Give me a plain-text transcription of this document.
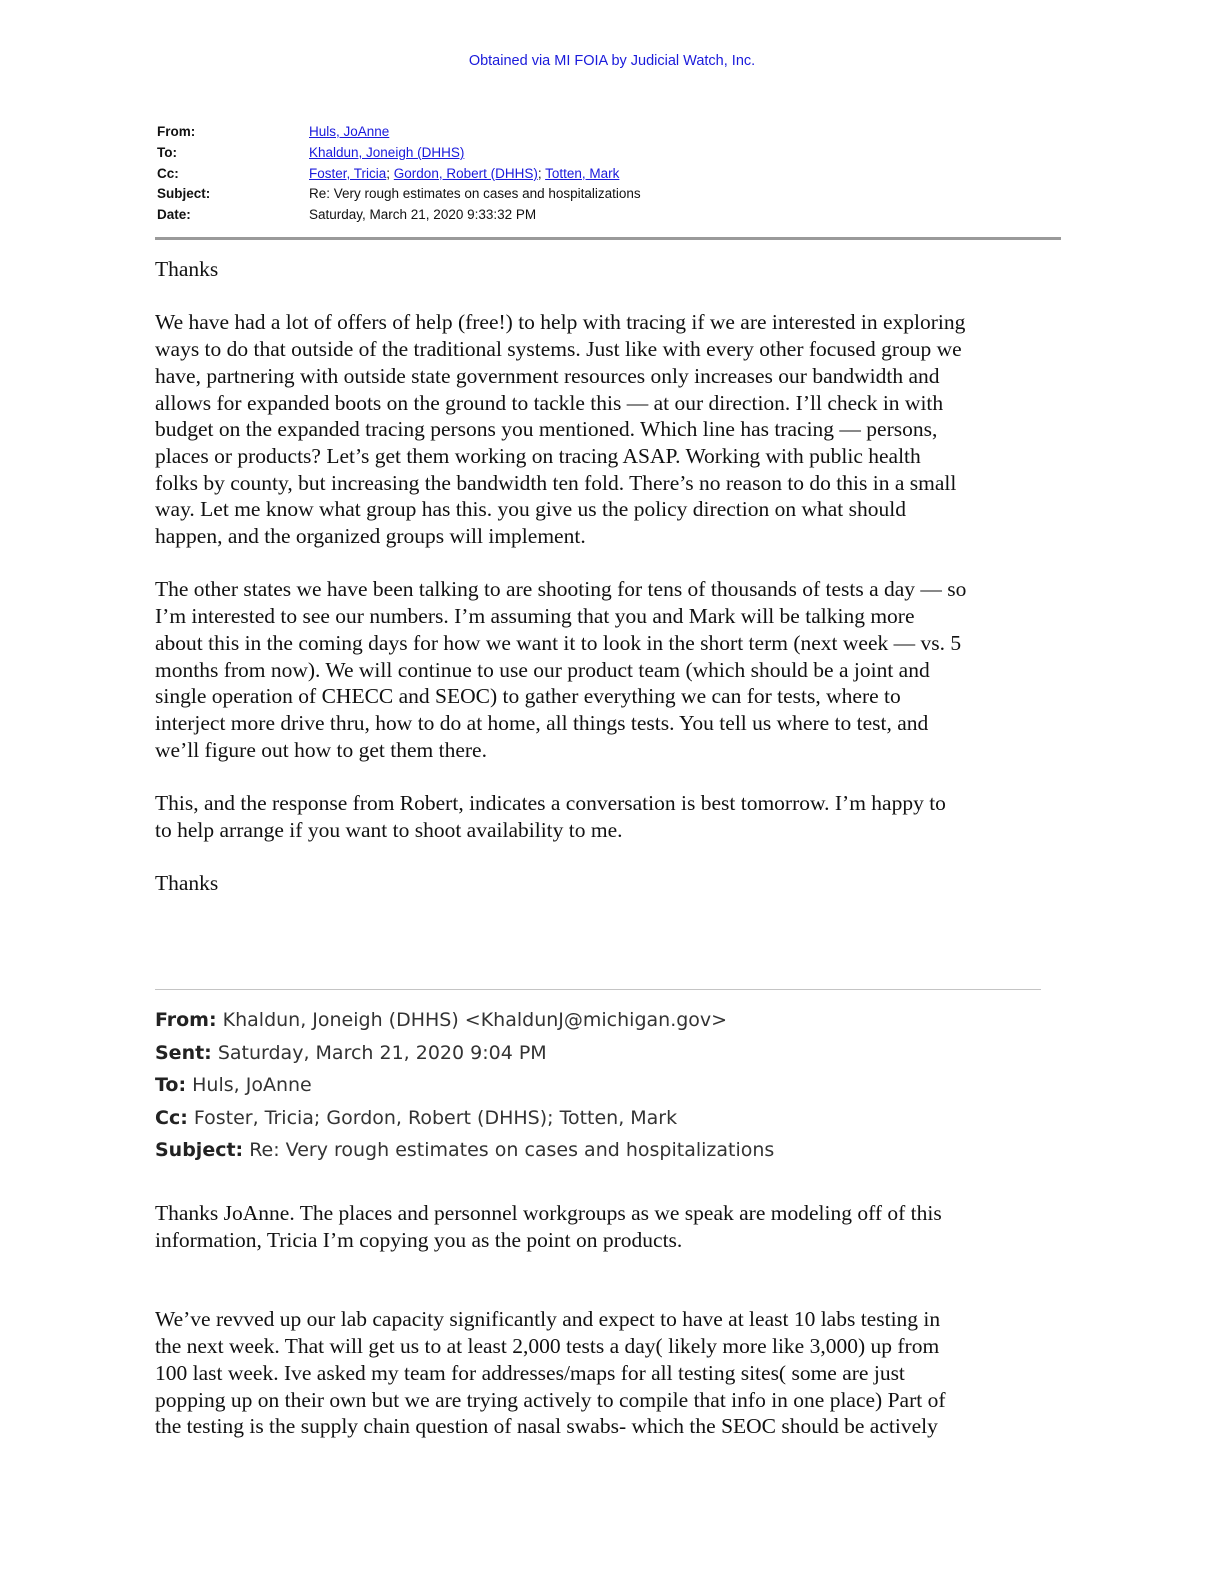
Obtained via MI FOIA by Judicial Watch, Inc.
From:	Huls, JoAnne
To:	Khaldun, Joneigh (DHHS)
Cc:	Foster, Tricia; Gordon, Robert (DHHS); Totten, Mark
Subject:	Re: Very rough estimates on cases and hospitalizations
Date:	Saturday, March 21, 2020 9:33:32 PM

Thanks

We have had a lot of offers of help (free!) to help with tracing if we are interested in exploring
ways to do that outside of the traditional systems. Just like with every other focused group we
have, partnering with outside state government resources only increases our bandwidth and
allows for expanded boots on the ground to tackle this — at our direction. I’ll check in with
budget on the expanded tracing persons you mentioned. Which line has tracing — persons,
places or products? Let’s get them working on tracing ASAP. Working with public health
folks by county, but increasing the bandwidth ten fold. There’s no reason to do this in a small
way. Let me know what group has this. you give us the policy direction on what should
happen, and the organized groups will implement.

The other states we have been talking to are shooting for tens of thousands of tests a day — so
I’m interested to see our numbers. I’m assuming that you and Mark will be talking more
about this in the coming days for how we want it to look in the short term (next week — vs. 5
months from now). We will continue to use our product team (which should be a joint and
single operation of CHECC and SEOC) to gather everything we can for tests, where to
interject more drive thru, how to do at home, all things tests. You tell us where to test, and
we’ll figure out how to get them there.

This, and the response from Robert, indicates a conversation is best tomorrow. I’m happy to
to help arrange if you want to shoot availability to me.

Thanks

From: Khaldun, Joneigh (DHHS) <KhaldunJ@michigan.gov>
Sent: Saturday, March 21, 2020 9:04 PM
To: Huls, JoAnne
Cc: Foster, Tricia; Gordon, Robert (DHHS); Totten, Mark
Subject: Re: Very rough estimates on cases and hospitalizations

Thanks JoAnne. The places and personnel workgroups as we speak are modeling off of this
information, Tricia I’m copying you as the point on products.

We’ve revved up our lab capacity significantly and expect to have at least 10 labs testing in
the next week. That will get us to at least 2,000 tests a day( likely more like 3,000) up from
100 last week. Ive asked my team for addresses/maps for all testing sites( some are just
popping up on their own but we are trying actively to compile that info in one place) Part of
the testing is the supply chain question of nasal swabs- which the SEOC should be actively
